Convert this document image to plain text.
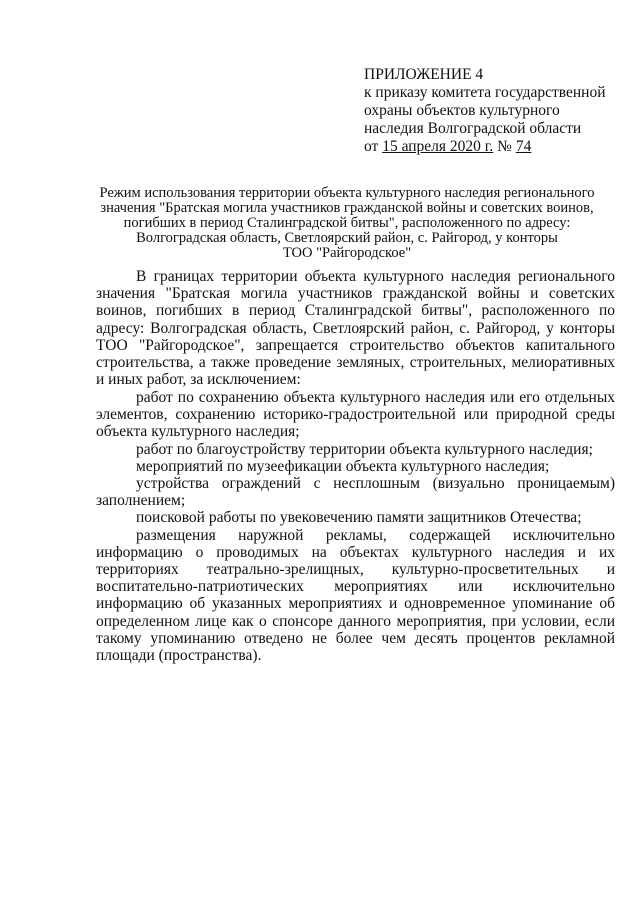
ПРИЛОЖЕНИЕ 4
к приказу комитета государственной
охраны объектов культурного
наследия Волгоградской области
от 15 апреля 2020 г. № 74
Режим использования территории объекта культурного наследия регионального
значения "Братская могила участников гражданской войны и советских воинов,
погибших в период Сталинградской битвы", расположенного по адресу:
Волгоградская область, Светлоярский район, с. Райгород, у конторы
ТОО "Райгородское"
В границах территории объекта культурного наследия регионального значения "Братская могила участников гражданской войны и советских воинов, погибших в период Сталинградской битвы", расположенного по адресу: Волгоградская область, Светлоярский район, с. Райгород, у конторы ТОО "Райгородское", запрещается строительство объектов капитального строительства, а также проведение земляных, строительных, мелиоративных и иных работ, за исключением:

работ по сохранению объекта культурного наследия или его отдельных элементов, сохранению историко-градостроительной или природной среды объекта культурного наследия;

работ по благоустройству территории объекта культурного наследия;

мероприятий по музеефикации объекта культурного наследия;

устройства ограждений с несплошным (визуально проницаемым) заполнением;

поисковой работы по увековечению памяти защитников Отечества;

размещения наружной рекламы, содержащей исключительно информацию о проводимых на объектах культурного наследия и их территориях театрально-зрелищных, культурно-просветительных и воспитательно-патриотических мероприятиях или исключительно информацию об указанных мероприятиях и одновременное упоминание об определенном лице как о спонсоре данного мероприятия, при условии, если такому упоминанию отведено не более чем десять процентов рекламной площади (пространства).
